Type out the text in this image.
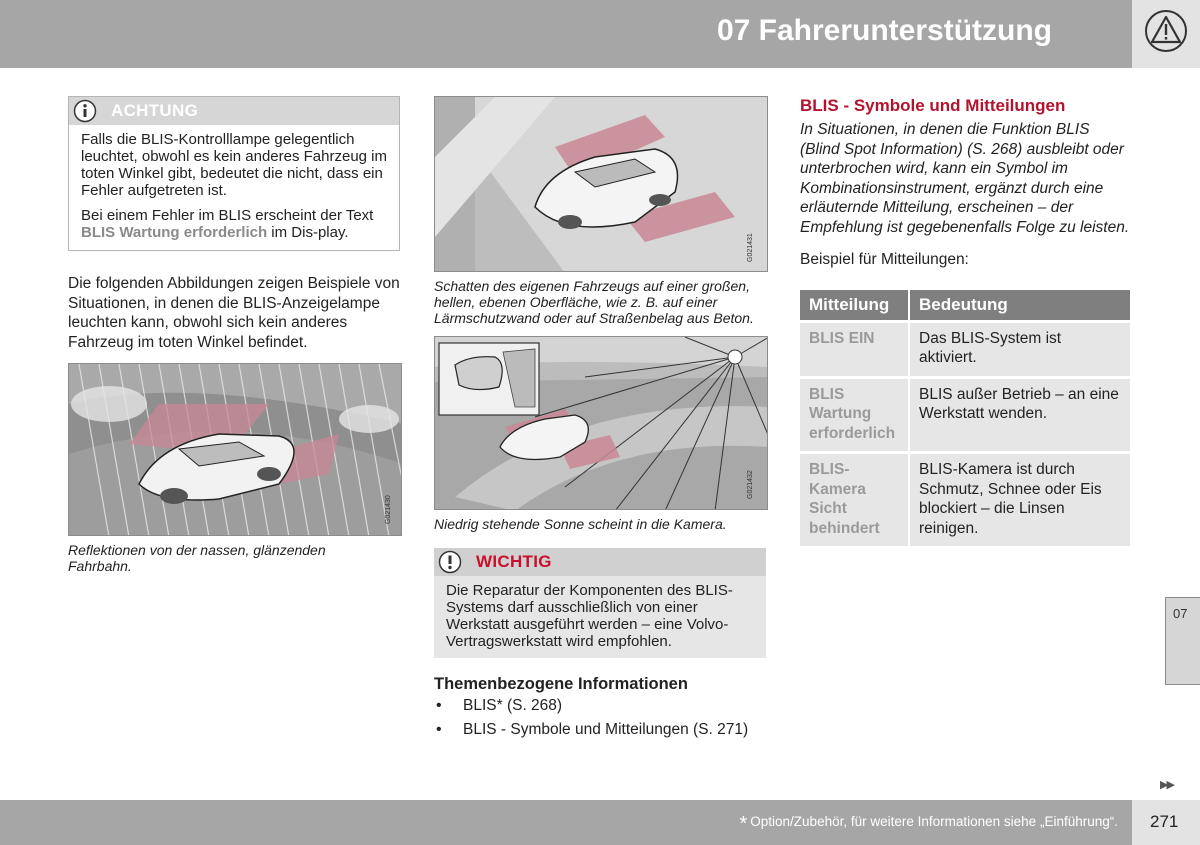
07 Fahrerunterstützung
ACHTUNG

Falls die BLIS-Kontrolllampe gelegentlich leuchtet, obwohl es kein anderes Fahrzeug im toten Winkel gibt, bedeutet die nicht, dass ein Fehler aufgetreten ist.

Bei einem Fehler im BLIS erscheint der Text BLIS Wartung erforderlich im Dis-play.

Die folgenden Abbildungen zeigen Beispiele von Situationen, in denen die BLIS-Anzeigelampe leuchten kann, obwohl sich kein anderes Fahrzeug im toten Winkel befindet.

G021430

Reflektionen von der nassen, glänzenden Fahrbahn.

G021431

Schatten des eigenen Fahrzeugs auf einer großen, hellen, ebenen Oberfläche, wie z. B. auf einer Lärmschutzwand oder auf Straßenbelag aus Beton.

G021432

Niedrig stehende Sonne scheint in die Kamera.

WICHTIG
Die Reparatur der Komponenten des BLIS-Systems darf ausschließlich von einer Werkstatt ausgeführt werden – eine Volvo-Vertragswerkstatt wird empfohlen.
Themenbezogene Informationen
• BLIS* (S. 268)
• BLIS - Symbole und Mitteilungen (S. 271)
BLIS - Symbole und Mitteilungen

In Situationen, in denen die Funktion BLIS (Blind Spot Information) (S. 268) ausbleibt oder unterbrochen wird, kann ein Symbol im Kombinationsinstrument, ergänzt durch eine erläuternde Mitteilung, erscheinen – der Empfehlung ist gegebenenfalls Folge zu leisten.

Beispiel für Mitteilungen:

Mitteilung	Bedeutung
BLIS EIN	Das BLIS-System ist aktiviert.
BLIS Wartung erforderlich	BLIS außer Betrieb – an eine Werkstatt wenden.
BLIS-Kamera Sicht behindert	BLIS-Kamera ist durch Schmutz, Schnee oder Eis blockiert – die Linsen reinigen.
07
▶▶
* Option/Zubehör, für weitere Informationen siehe „Einführung“. 271
